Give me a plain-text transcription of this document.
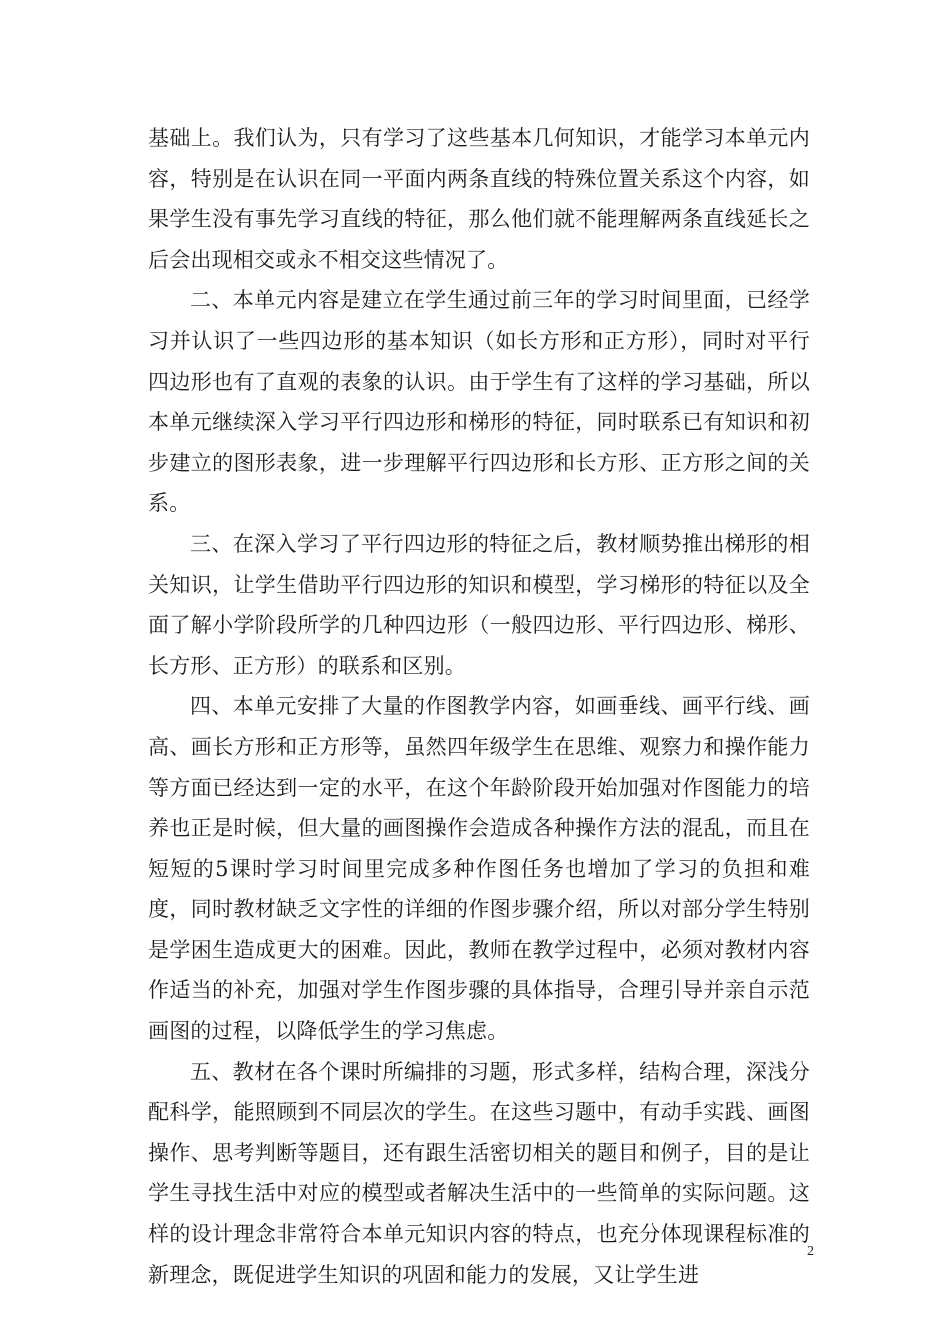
基础上。我们认为，只有学习了这些基本几何知识，才能学习本单元内容，特别是在认识在同一平面内两条直线的特殊位置关系这个内容，如果学生没有事先学习直线的特征，那么他们就不能理解两条直线延长之后会出现相交或永不相交这些情况了。

二、本单元内容是建立在学生通过前三年的学习时间里面，已经学习并认识了一些四边形的基本知识（如长方形和正方形），同时对平行四边形也有了直观的表象的认识。由于学生有了这样的学习基础，所以本单元继续深入学习平行四边形和梯形的特征，同时联系已有知识和初步建立的图形表象，进一步理解平行四边形和长方形、正方形之间的关系。

三、在深入学习了平行四边形的特征之后，教材顺势推出梯形的相关知识，让学生借助平行四边形的知识和模型，学习梯形的特征以及全面了解小学阶段所学的几种四边形（一般四边形、平行四边形、梯形、长方形、正方形）的联系和区别。

四、本单元安排了大量的作图教学内容，如画垂线、画平行线、画高、画长方形和正方形等，虽然四年级学生在思维、观察力和操作能力等方面已经达到一定的水平，在这个年龄阶段开始加强对作图能力的培养也正是时候，但大量的画图操作会造成各种操作方法的混乱，而且在短短的5课时学习时间里完成多种作图任务也增加了学习的负担和难度，同时教材缺乏文字性的详细的作图步骤介绍，所以对部分学生特别是学困生造成更大的困难。因此，教师在教学过程中，必须对教材内容作适当的补充，加强对学生作图步骤的具体指导，合理引导并亲自示范画图的过程，以降低学生的学习焦虑。

五、教材在各个课时所编排的习题，形式多样，结构合理，深浅分配科学，能照顾到不同层次的学生。在这些习题中，有动手实践、画图操作、思考判断等题目，还有跟生活密切相关的题目和例子，目的是让学生寻找生活中对应的模型或者解决生活中的一些简单的实际问题。这样的设计理念非常符合本单元知识内容的特点，也充分体现课程标准的新理念，既促进学生知识的巩固和能力的发展，又让学生进

2
